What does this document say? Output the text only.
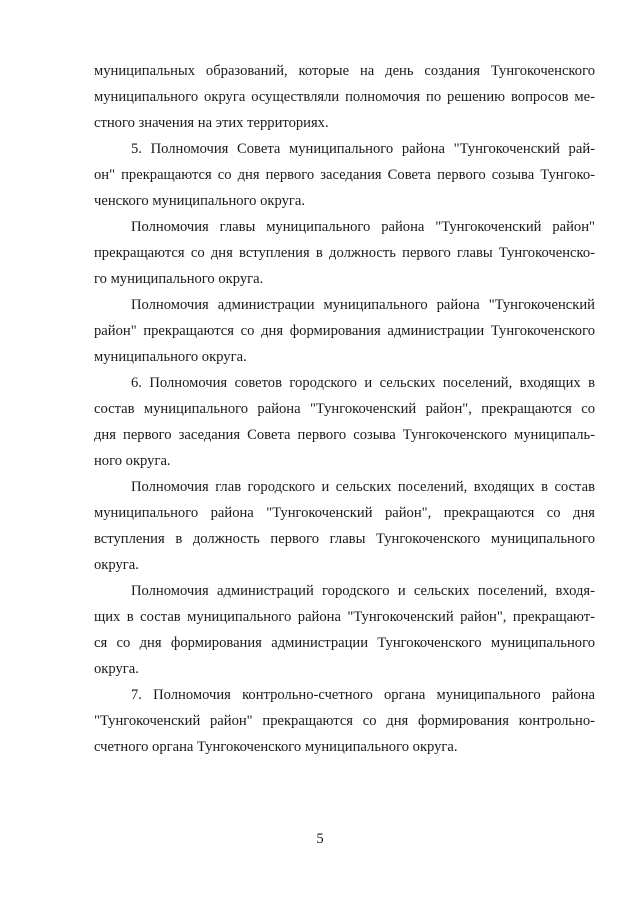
муниципальных образований, которые на день создания Тунгокоченского

муниципального округа осуществляли полномочия по решению вопросов ме-

стного значения на этих территориях.

5. Полномочия Совета муниципального района "Тунгокоченский рай-

он" прекращаются со дня первого заседания Совета первого созыва Тунгоко-

ченского муниципального округа.

Полномочия главы муниципального района "Тунгокоченский район"

прекращаются со дня вступления в должность первого главы Тунгокоченско-

го муниципального округа.

Полномочия администрации муниципального района "Тунгокоченский

район" прекращаются со дня формирования администрации Тунгокоченского

муниципального округа.

6. Полномочия советов городского и сельских поселений, входящих в

состав муниципального района "Тунгокоченский район", прекращаются со

дня первого заседания Совета первого созыва Тунгокоченского муниципаль-

ного округа.

Полномочия глав городского и сельских поселений, входящих в состав

муниципального района "Тунгокоченский район", прекращаются со дня

вступления в должность первого главы Тунгокоченского муниципального

округа.

Полномочия администраций городского и сельских поселений, входя-

щих в состав муниципального района "Тунгокоченский район", прекращают-

ся со дня формирования администрации Тунгокоченского муниципального

округа.

7. Полномочия контрольно-счетного органа муниципального района

"Тунгокоченский район" прекращаются со дня формирования контрольно-

счетного органа Тунгокоченского муниципального округа.

5
